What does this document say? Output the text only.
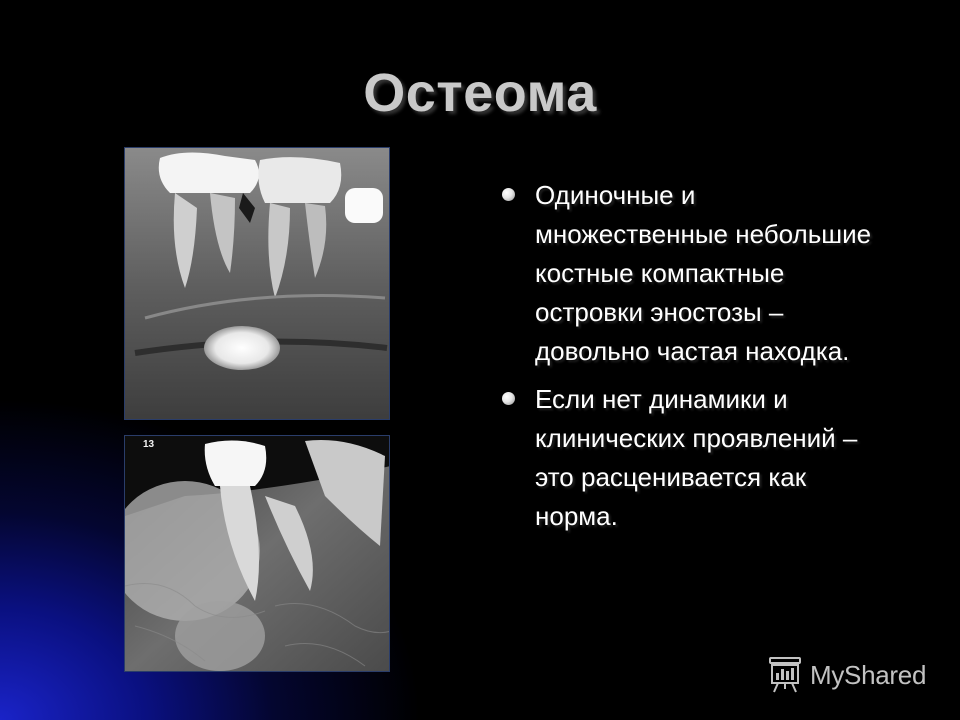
Остеома
13
Одиночные и множественные небольшие костные компактные островки эностозы – довольно частая находка.
Если нет динамики и клинических проявлений – это расценивается как норма.
MyShared
